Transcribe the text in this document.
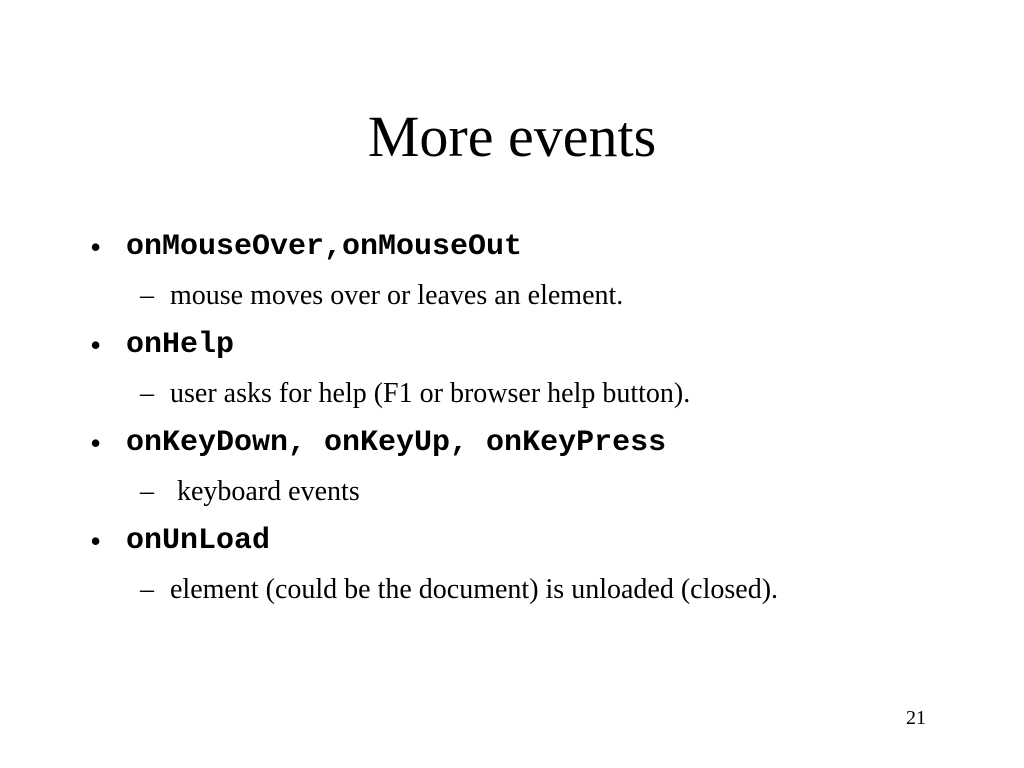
More events
• onMouseOver,onMouseOut
– mouse moves over or leaves an element.
• onHelp
– user asks for help (F1 or browser help button).
• onKeyDown, onKeyUp, onKeyPress
– keyboard events
• onUnLoad
– element (could be the document) is unloaded (closed).
21
